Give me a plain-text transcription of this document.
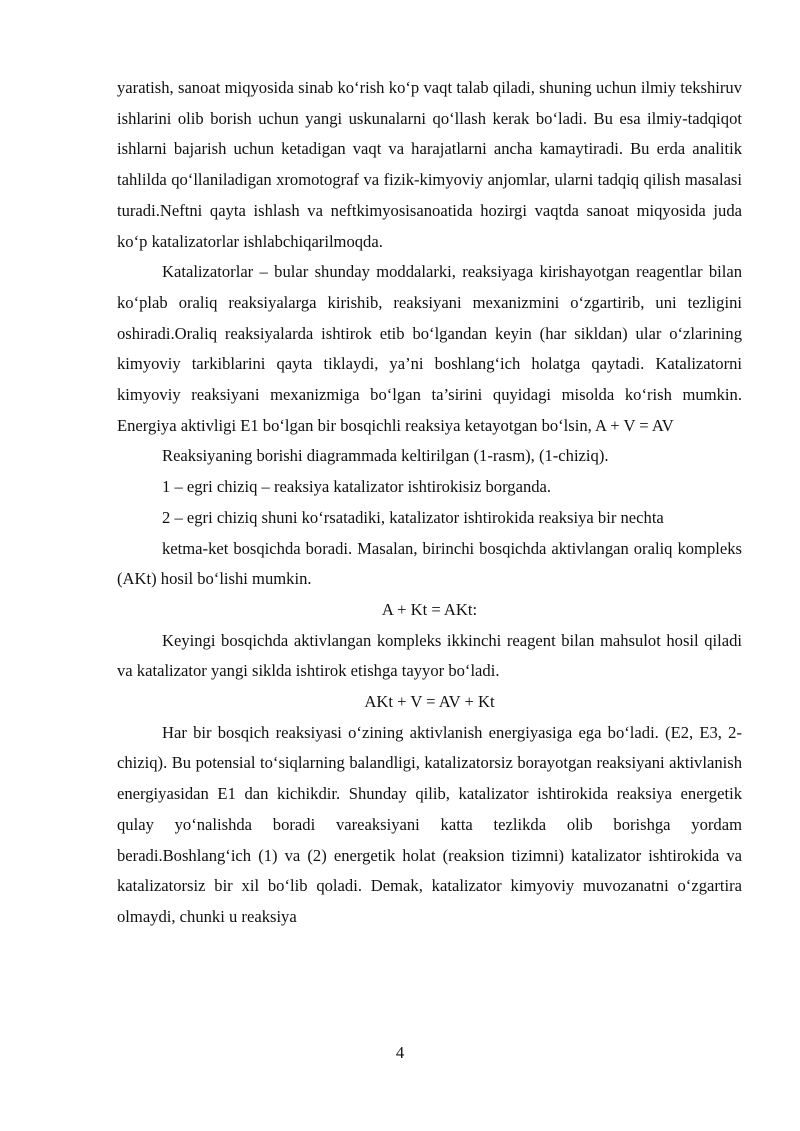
yaratish, sanoat miqyosida sinab ko‘rish ko‘p vaqt talab qiladi, shuning uchun ilmiy tekshiruv ishlarini olib borish uchun yangi uskunalarni qo‘llash kerak bo‘ladi. Bu esa ilmiy-tadqiqot ishlarni bajarish uchun ketadigan vaqt va harajatlarni ancha kamaytiradi. Bu erda analitik tahlilda qo‘llaniladigan xromotograf va fizik-kimyoviy anjomlar, ularni tadqiq qilish masalasi turadi.Neftni qayta ishlash va neftkimyosisanoatida hozirgi vaqtda sanoat miqyosida juda ko‘p katalizatorlar ishlabchiqarilmoqda.

Katalizatorlar – bular shunday moddalarki, reaksiyaga kirishayotgan reagentlar bilan ko‘plab oraliq reaksiyalarga kirishib, reaksiyani mexanizmini o‘zgartirib, uni tezligini oshiradi.Oraliq reaksiyalarda ishtirok etib bo‘lgandan keyin (har sikldan) ular o‘zlarining kimyoviy tarkiblarini qayta tiklaydi, ya’ni boshlang‘ich holatga qaytadi. Katalizatorni kimyoviy reaksiyani mexanizmiga bo‘lgan ta’sirini quyidagi misolda ko‘rish mumkin. Energiya aktivligi E1 bo‘lgan bir bosqichli reaksiya ketayotgan bo‘lsin, A + V = AV

Reaksiyaning borishi diagrammada keltirilgan (1-rasm), (1-chiziq).

1 – egri chiziq – reaksiya katalizator ishtirokisiz borganda.

2 – egri chiziq shuni ko‘rsatadiki, katalizator ishtirokida reaksiya bir nechta

ketma-ket bosqichda boradi. Masalan, birinchi bosqichda aktivlangan oraliq kompleks (AKt) hosil bo‘lishi mumkin.

A + Kt = AKt:

Keyingi bosqichda aktivlangan kompleks ikkinchi reagent bilan mahsulot hosil qiladi va katalizator yangi siklda ishtirok etishga tayyor bo‘ladi.

AKt + V = AV + Kt

Har bir bosqich reaksiyasi o‘zining aktivlanish energiyasiga ega bo‘ladi. (E2, E3, 2-chiziq). Bu potensial to‘siqlarning balandligi, katalizatorsiz borayotgan reaksiyani aktivlanish energiyasidan E1 dan kichikdir. Shunday qilib, katalizator ishtirokida reaksiya energetik qulay yo‘nalishda boradi vareaksiyani katta tezlikda olib borishga yordam beradi.Boshlang‘ich (1) va (2) energetik holat (reaksion tizimni) katalizator ishtirokida va katalizatorsiz bir xil bo‘lib qoladi. Demak, katalizator kimyoviy muvozanatni o‘zgartira olmaydi, chunki u reaksiya

4
